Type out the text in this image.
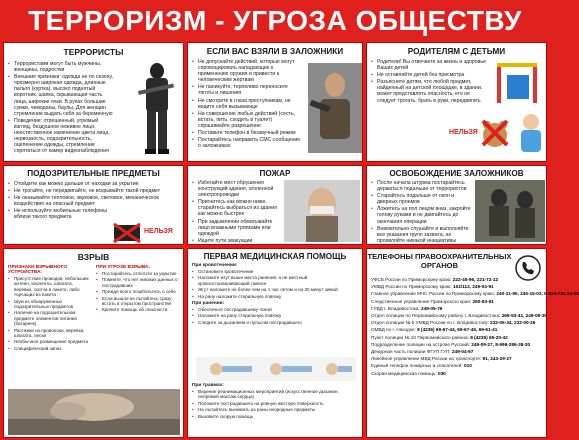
ТЕРРОРИЗМ - УГРОЗА ОБЩЕСТВУ
ТЕРРОРИСТЫ
• Террористами могут быть мужчины, женщины, подростки
• Внешние признаки: одежда не по сезону, чрезмерно широкая одежда, длинные пальто (куртка), высоко поднятый воротник, шапка, скрывающая часть лица, широкие очки. В руках большие сумки, чемоданы, баулы. Для женщин стремление выдать себя за беременную
• Поведение: отрешенный, угрюмый взгляд, бездушное неживое лицо, неестественное изменение цвета лица, нервозность, подозрительность, оцепенение одежды, стремление спрятаться от камер видеонаблюдения
ЕСЛИ ВАС ВЗЯЛИ В ЗАЛОЖНИКИ
• Не допускайте действий, которые могут спровоцировать нападающих к применению оружия и привести к человеческим жертвам
• Не паникуйте, терпеливо переносите тяготы и лишения
• Не смотрите в глаза преступникам, не ведите себя вызывающе
• На совершение любых действий (сесть, встать, пить, сходить в туалет) спрашивайте разрешение
• Поставьте телефон в беззвучный режим
• Постарайтесь направить СМС-сообщение о заложниках
РОДИТЕЛЯМ С ДЕТЬМИ
• Родители! Вы отвечаете за жизнь и здоровье Ваших детей
• Не оставляйте детей без присмотра
• Разъясните детям, что любой предмет, найденный на детской площадке, в здании, может представлять опасность, его не следует трогать, брать в руки, передвигать
НЕЛЬЗЯ
ПОДОЗРИТЕЛЬНЫЕ ПРЕДМЕТЫ
• Отойдите как можно дальше от находки за укрытие
• Не трогайте, не передвигайте, не вскрывайте такой предмет
• Не оказывайте тепловое, звуковое, световое, механическое воздействие на опасный предмет
• Не используйте мобильные телефоны вблизи такого предмета
НЕЛЬЗЯ
ПОЖАР
• Избегайте мест обрушения конструкций здания, оголенной электропроводки
• Пригнитесь как можно ниже, старайтесь выбраться из здания как можно быстрее
• При задымлении обматывайте лицо влажными тряпками или одеждой
• Ищите пути эвакуации
ОСВОБОЖДЕНИЕ ЗАЛОЖНИКОВ
• После начала штурма постарайтесь держаться подальше от террористов
• Старайтесь подальше от окон и дверных проемов
• Ложитесь на пол лицом вниз, закройте голову руками и не двигайтесь до окончания операции
• Внимательно слушайте и выполняйте все указания групп захвата, не проявляйте никакой инициативы
ВЗРЫВ
ПРИЗНАКИ ВЗРЫВНОГО УСТРОЙСТВА:
• Присутствие проводов, небольших антенн, изоленты, шпагата, веревки, скотча в пакете, либо торчащих из пакета
• Шум из обнаруженных подозрительных предметов
• Наличие на подозрительном предмете элементов питания (батареек)
• Растяжки из проволоки, веревки, шпагата, лески
• Необычное размещение предмета
• Специфический запах
ПРИ УГРОЗЕ ВЗРЫВА:
• Постарайтесь отползти за укрытие
• Помните, что нет никаких данных о пострадавших
• Прежде всего позаботьтесь о себе
• Если вышли не пытайтесь сразу встать в открытом пространстве
• Кричите помощь об опасности
ПЕРВАЯ МЕДИЦИНСКАЯ ПОМОЩЬ
При кровотечении:
• Остановите кровотечение
• Наложите жгут выше места ранения, а не местный кровоостанавливающий тампон
• Жгут наложите не более чем на 1 час летом и на 30 минут зимой
• На рану наложите стерильную повязку
При ранении:
• Обеспечьте пострадавшему покой
• Наложите на рану стерильную повязку
• Следите за дыханием и пульсом пострадавшего
При травмах:
• Ведение реанимационных мероприятий (искусственное дыхание, непрямой массаж сердца)
• Положите пострадавшего на ровную жесткую поверхность
• Не пытайтесь вынимать из раны инородные предметы
• Вызовите скорую помощь
ТЕЛЕФОНЫ ПРАВООХРАНИТЕЛЬНЫХ ОРГАНОВ
УФСБ России по Приморскому краю: 222-45-96, 221-72-12
УМВД России по Приморскому краю: 102/112, 249-04-91
Главное управление МЧС России по Приморскому краю: 240-11-90, 245-15-03, 8-924-731-24-04
Следственное управление Приморского края: 260-83-61
ГУВД г. Владивостока: 249-05-76
Отдел полиции по Первомайскому району г. Владивостока: 265-53-41, 249-09-35
Отдел полиции № 5 УМВД России по г. Владивостоку: 232-05-34, 232-00-26
ОМВД по г. Находке: 8 (4236) 69-67-44, 69-67-45, 69-61-41
Пункт полиции № 10 Первомайского района: 8 (4236) 65-20-42
Подразделение полиции на острове Русский: 249-09-27, 8-999-286-38-30
Дежурная часть полиции ФГУП ГУП: 249-04-97
Линейное управление МВД России на транспорте: 91, 243-29-27
Единый телефон пожарных и спасателей: 010
Скорая медицинская помощь: 030
